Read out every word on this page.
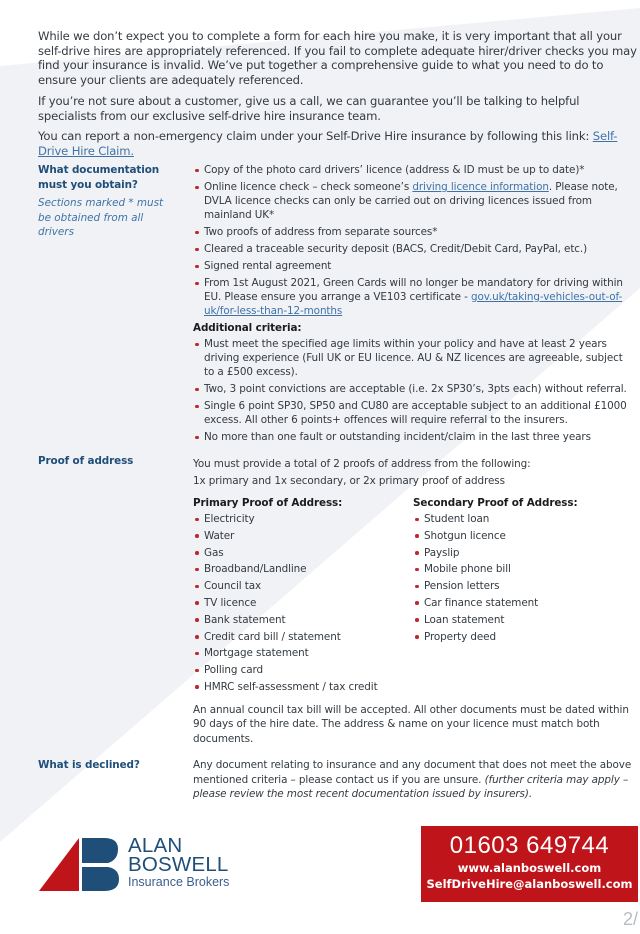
While we don’t expect you to complete a form for each hire you make, it is very important that all your self-drive hires are appropriately referenced. If you fail to complete adequate hirer/driver checks you may find your insurance is invalid. We’ve put together a comprehensive guide to what you need to do to ensure your clients are adequately referenced.

If you’re not sure about a customer, give us a call, we can guarantee you’ll be talking to helpful specialists from our exclusive self-drive hire insurance team.

You can report a non-emergency claim under your Self-Drive Hire insurance by following this link: Self-Drive Hire Claim.

What documentation must you obtain?
Sections marked * must be obtained from all drivers
Copy of the photo card drivers’ licence (address & ID must be up to date)*
Online licence check – check someone’s driving licence information. Please note, DVLA licence checks can only be carried out on driving licences issued from mainland UK*
Two proofs of address from separate sources*
Cleared a traceable security deposit (BACS, Credit/Debit Card, PayPal, etc.)
Signed rental agreement
From 1st August 2021, Green Cards will no longer be mandatory for driving within EU. Please ensure you arrange a VE103 certificate - gov.uk/taking-vehicles-out-of-uk/for-less-than-12-months
Additional criteria:
Must meet the specified age limits within your policy and have at least 2 years driving experience (Full UK or EU licence. AU & NZ licences are agreeable, subject to a £500 excess).
Two, 3 point convictions are acceptable (i.e. 2x SP30’s, 3pts each) without referral.
Single 6 point SP30, SP50 and CU80 are acceptable subject to an additional £1000 excess. All other 6 points+ offences will require referral to the insurers.
No more than one fault or outstanding incident/claim in the last three years
Proof of address	You must provide a total of 2 proofs of address from the following:
1x primary and 1x secondary, or 2x primary proof of address
Primary Proof of Address:
Electricity
Water
Gas
Broadband/Landline
Council tax
TV licence
Bank statement
Credit card bill / statement
Mortgage statement
Polling card
HMRC self-assessment / tax credit
Secondary Proof of Address:
Student loan
Shotgun licence
Payslip
Mobile phone bill
Pension letters
Car finance statement
Loan statement
Property deed

An annual council tax bill will be accepted. All other documents must be dated within 90 days of the hire date. The address & name on your licence must match both documents.

What is declined?	Any document relating to insurance and any document that does not meet the above mentioned criteria – please contact us if you are unsure. (further criteria may apply – please review the most recent documentation issued by insurers).
ALAN
BOSWELL
Insurance Brokers
01603 649744
www.alanboswell.com
SelfDriveHire@alanboswell.com
2/
